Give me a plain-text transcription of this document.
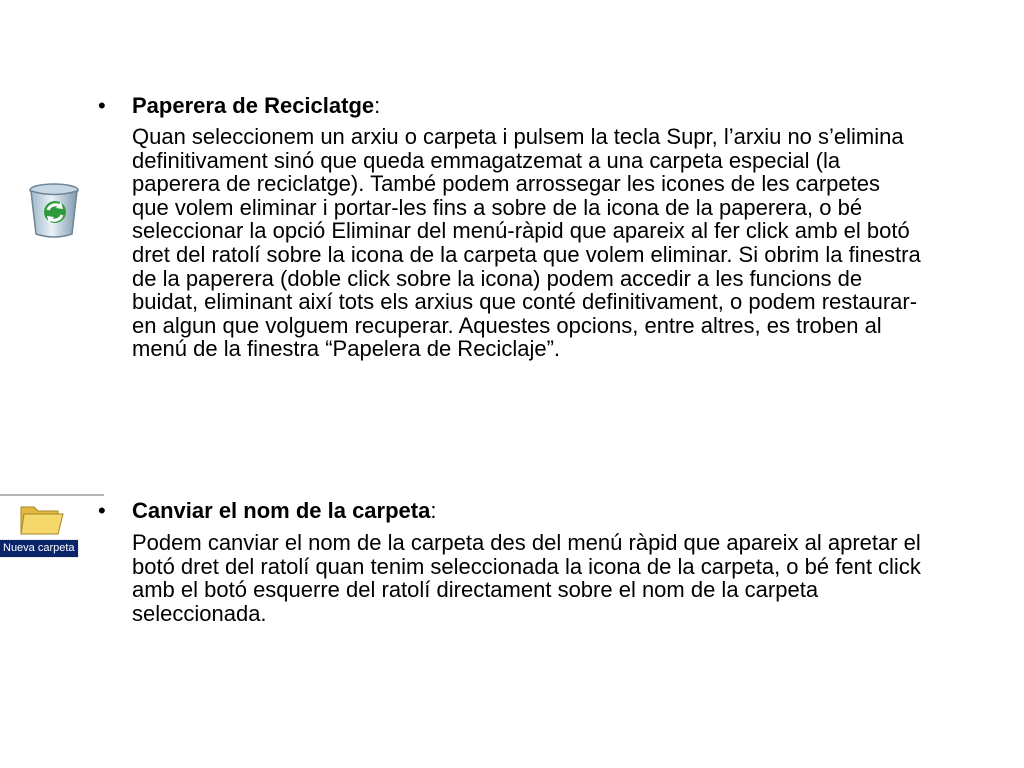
• Paperera de Reciclatge:

Quan seleccionem un arxiu o carpeta i pulsem la tecla Supr, l’arxiu no s’elimina definitivament sinó que queda emmagatzemat a una carpeta especial (la paperera de reciclatge). També podem arrossegar les icones de les carpetes que volem eliminar i portar-les fins a sobre de la icona de la paperera, o bé seleccionar la opció Eliminar del menú-ràpid que apareix al fer click amb el botó dret del ratolí sobre la icona de la carpeta que volem eliminar. Si obrim la finestra de la paperera (doble click sobre la icona) podem accedir a les funcions de buidat, eliminant així tots els arxius que conté definitivament, o podem restaurar-en algun que volguem recuperar. Aquestes opcions, entre altres, es troben al menú de la finestra “Papelera de Reciclaje”.

Nueva carpeta
• Canviar el nom de la carpeta:

Podem canviar el nom de la carpeta des del menú ràpid que apareix al apretar el botó dret del ratolí quan tenim seleccionada la icona de la carpeta, o bé fent click amb el botó esquerre del ratolí directament sobre el nom de la carpeta seleccionada.
